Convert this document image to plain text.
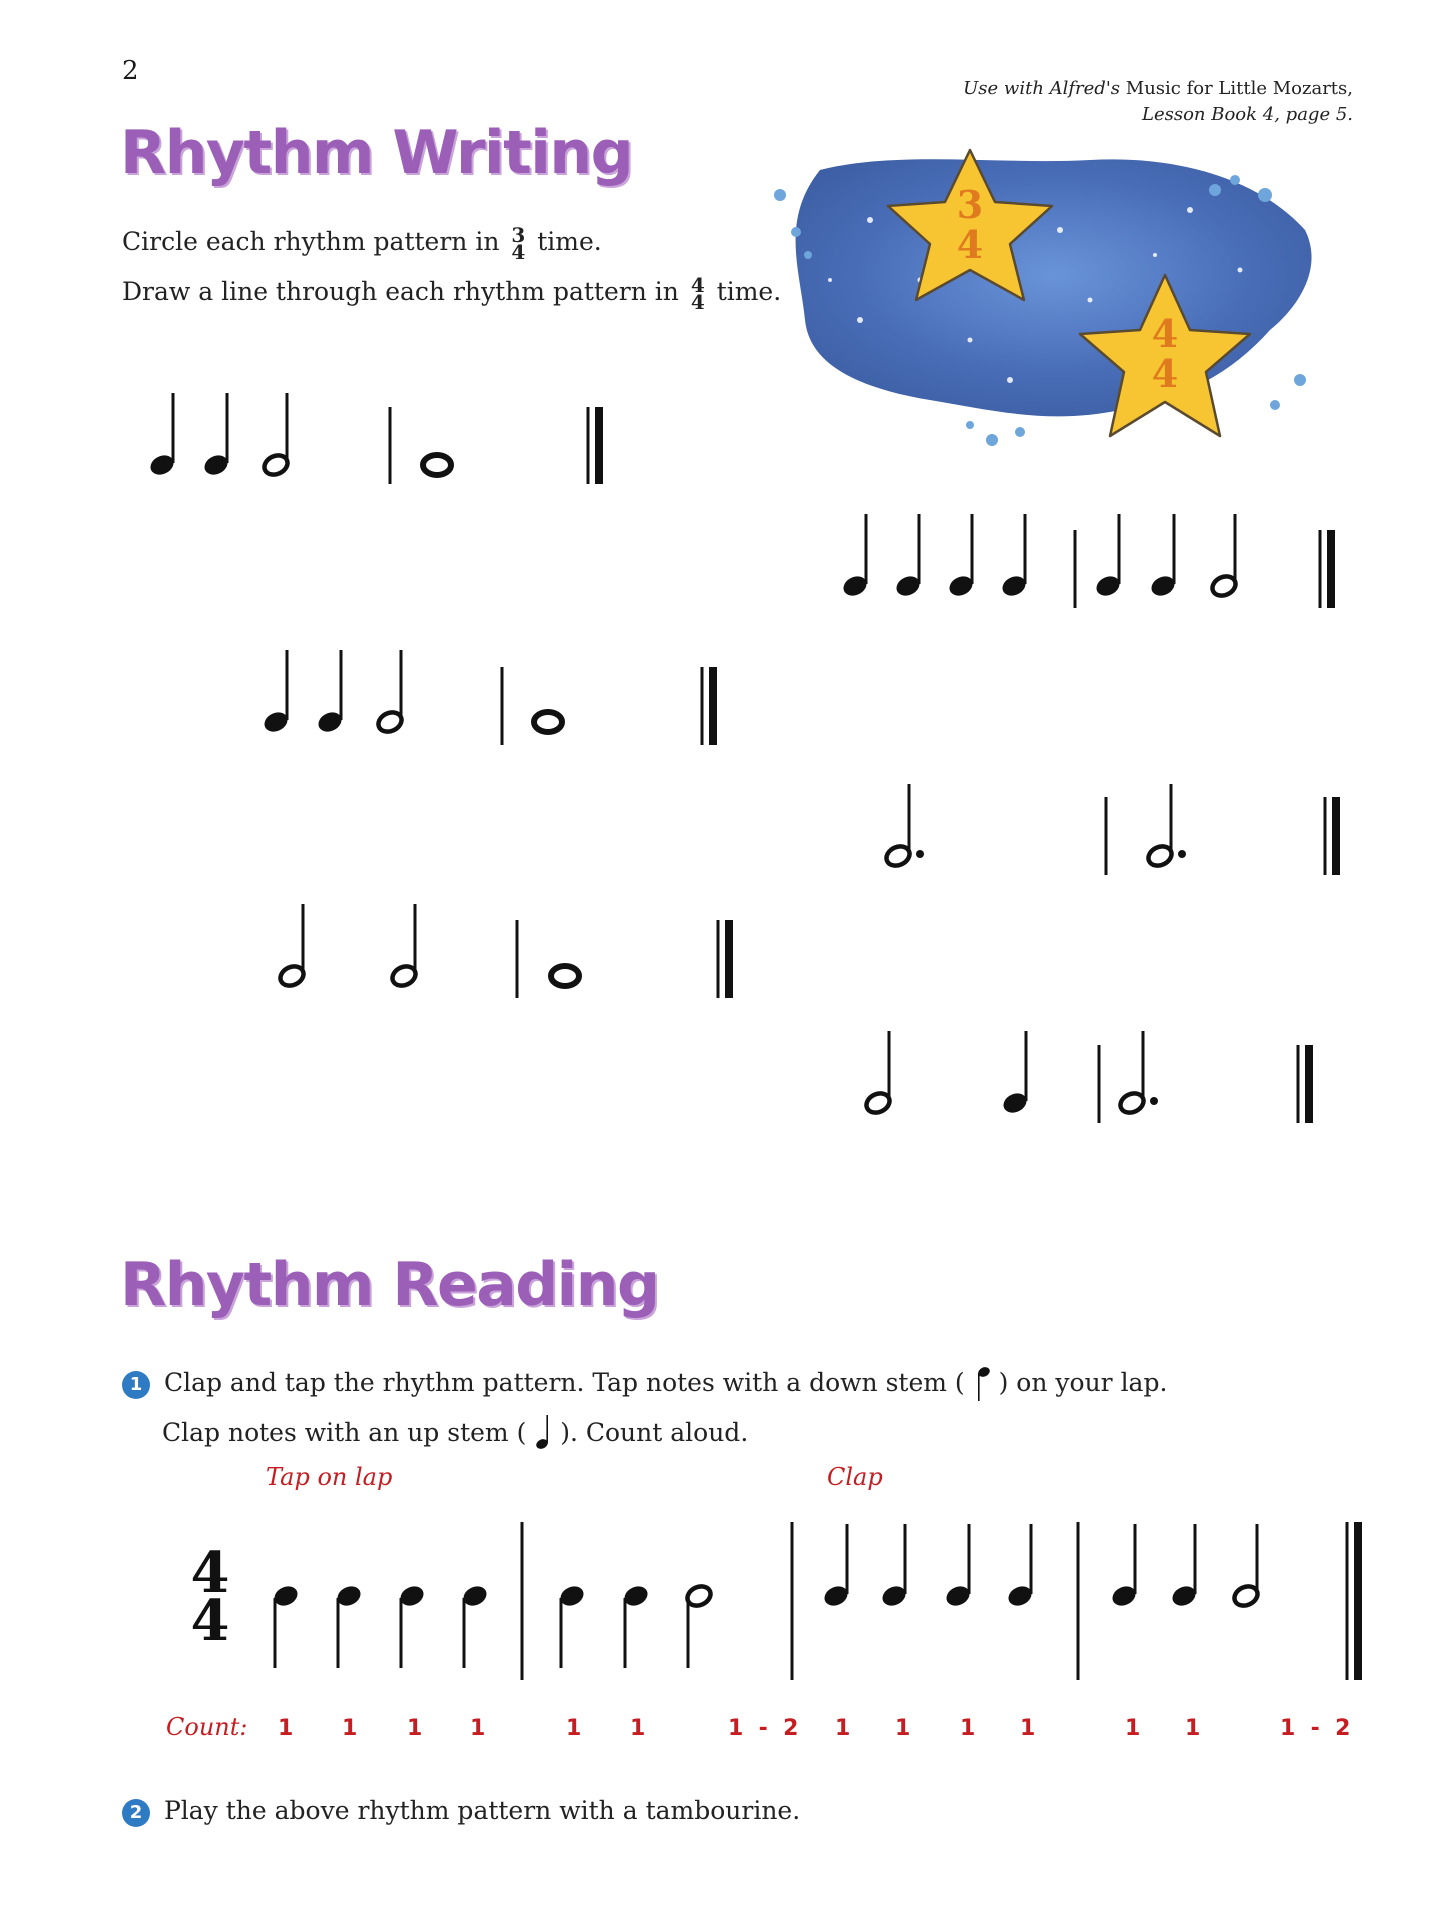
2
Use with Alfred's Music for Little Mozarts,
Lesson Book 4, page 5.
Rhythm Writing
Circle each rhythm pattern in 3
4 time.
Draw a line through each rhythm pattern in 4
4 time.
Rhythm Reading
1 Clap and tap the rhythm pattern. Tap notes with a down stem ( ) on your lap.
Clap notes with an up stem ( ). Count aloud.
Tap on lap	Clap
Count: 1 1 1 1	1 1	1  -  2 1 1 1 1	1 1	1  -  2
2 Play the above rhythm pattern with a tambourine.
3
4
4
4
4
4
